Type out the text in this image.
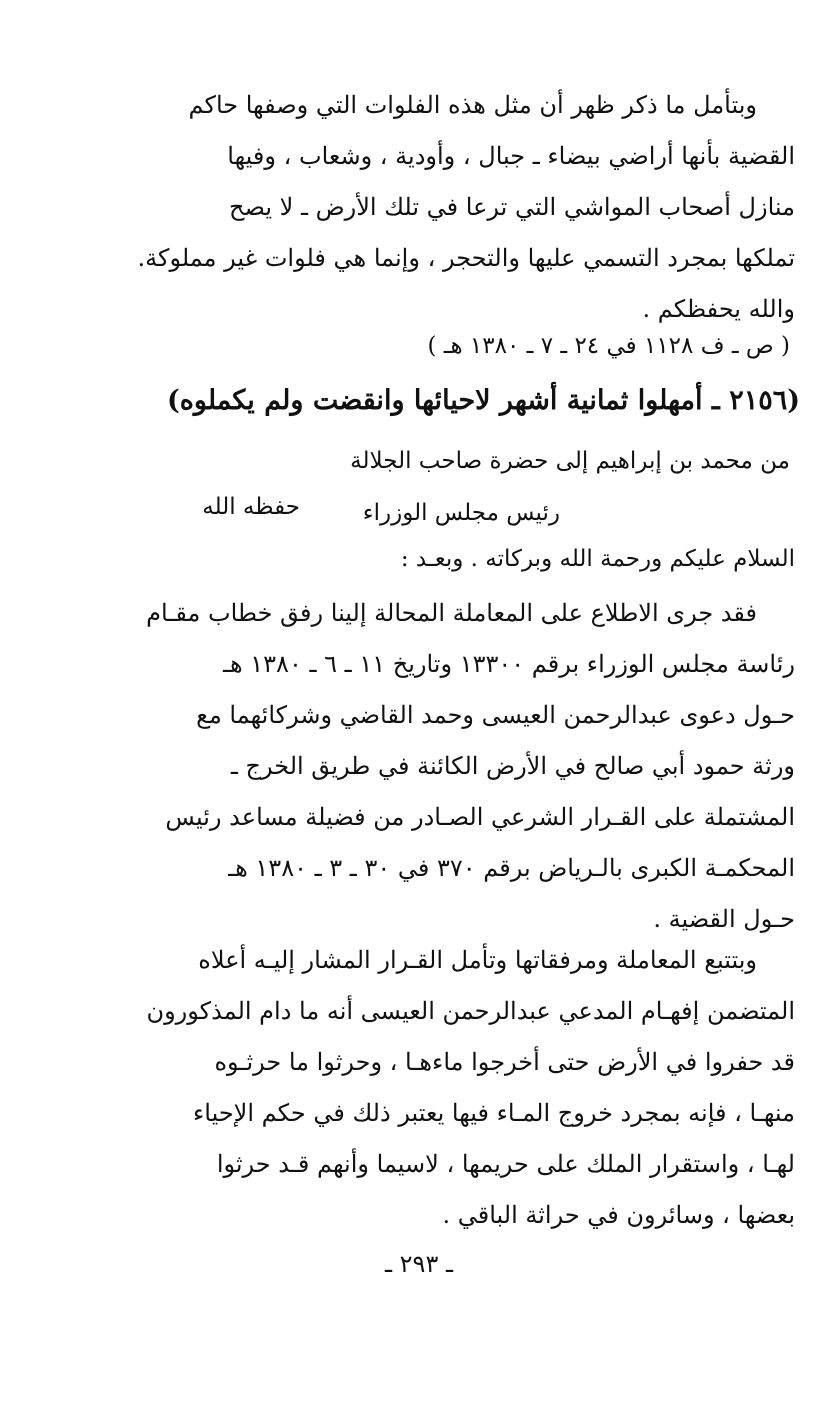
وبتأمل ما ذكر ظهر أن مثل هذه الفلوات التي وصفها حاكم
القضية بأنها أراضي بيضاء ـ جبال ، وأودية ، وشعاب ، وفيها
منازل أصحاب المواشي التي ترعا في تلك الأرض ـ لا يصح
تملكها بمجرد التسمي عليها والتحجر ، وإنما هي فلوات غير مملوكة.
والله يحفظكم .
( ص ـ ف ١١٢٨ في ٢٤ ـ ٧ ـ ١٣٨٠ هـ )
(٢١٥٦ ـ أمهلوا ثمانية أشهر لاحيائها وانقضت ولم يكملوه)
من محمد بن إبراهيم إلى حضرة صاحب الجلالة
رئيس مجلس الوزراء
حفظه الله
السلام عليكم ورحمة الله وبركاته . وبعـد :
فقد جرى الاطلاع على المعاملة المحالة إلينا رفق خطاب مقـام
رئاسة مجلس الوزراء برقم ١٣٣٠٠ وتاريخ ١١ ـ ٦ ـ ١٣٨٠ هـ
حـول دعوى عبدالرحمن العيسى وحمد القاضي وشركائهما مع
ورثة حمود أبي صالح في الأرض الكائنة في طريق الخرج ـ
المشتملة على القـرار الشرعي الصـادر من فضيلة مساعد رئيس
المحكمـة الكبرى بالـرياض برقم ٣٧٠ في ٣٠ ـ ٣ ـ ١٣٨٠ هـ
حـول القضية .
وبتتبع المعاملة ومرفقاتها وتأمل القـرار المشار إليـه أعلاه
المتضمن إفهـام المدعي عبدالرحمن العيسى أنه ما دام المذكورون
قد حفروا في الأرض حتى أخرجوا ماءهـا ، وحرثوا ما حرثـوه
منهـا ، فإنه بمجرد خروج المـاء فيها يعتبر ذلك في حكم الإحياء
لهـا ، واستقرار الملك على حريمها ، لاسيما وأنهم قـد حرثوا
بعضها ، وسائرون في حراثة الباقي .
ـ ٢٩٣ ـ
